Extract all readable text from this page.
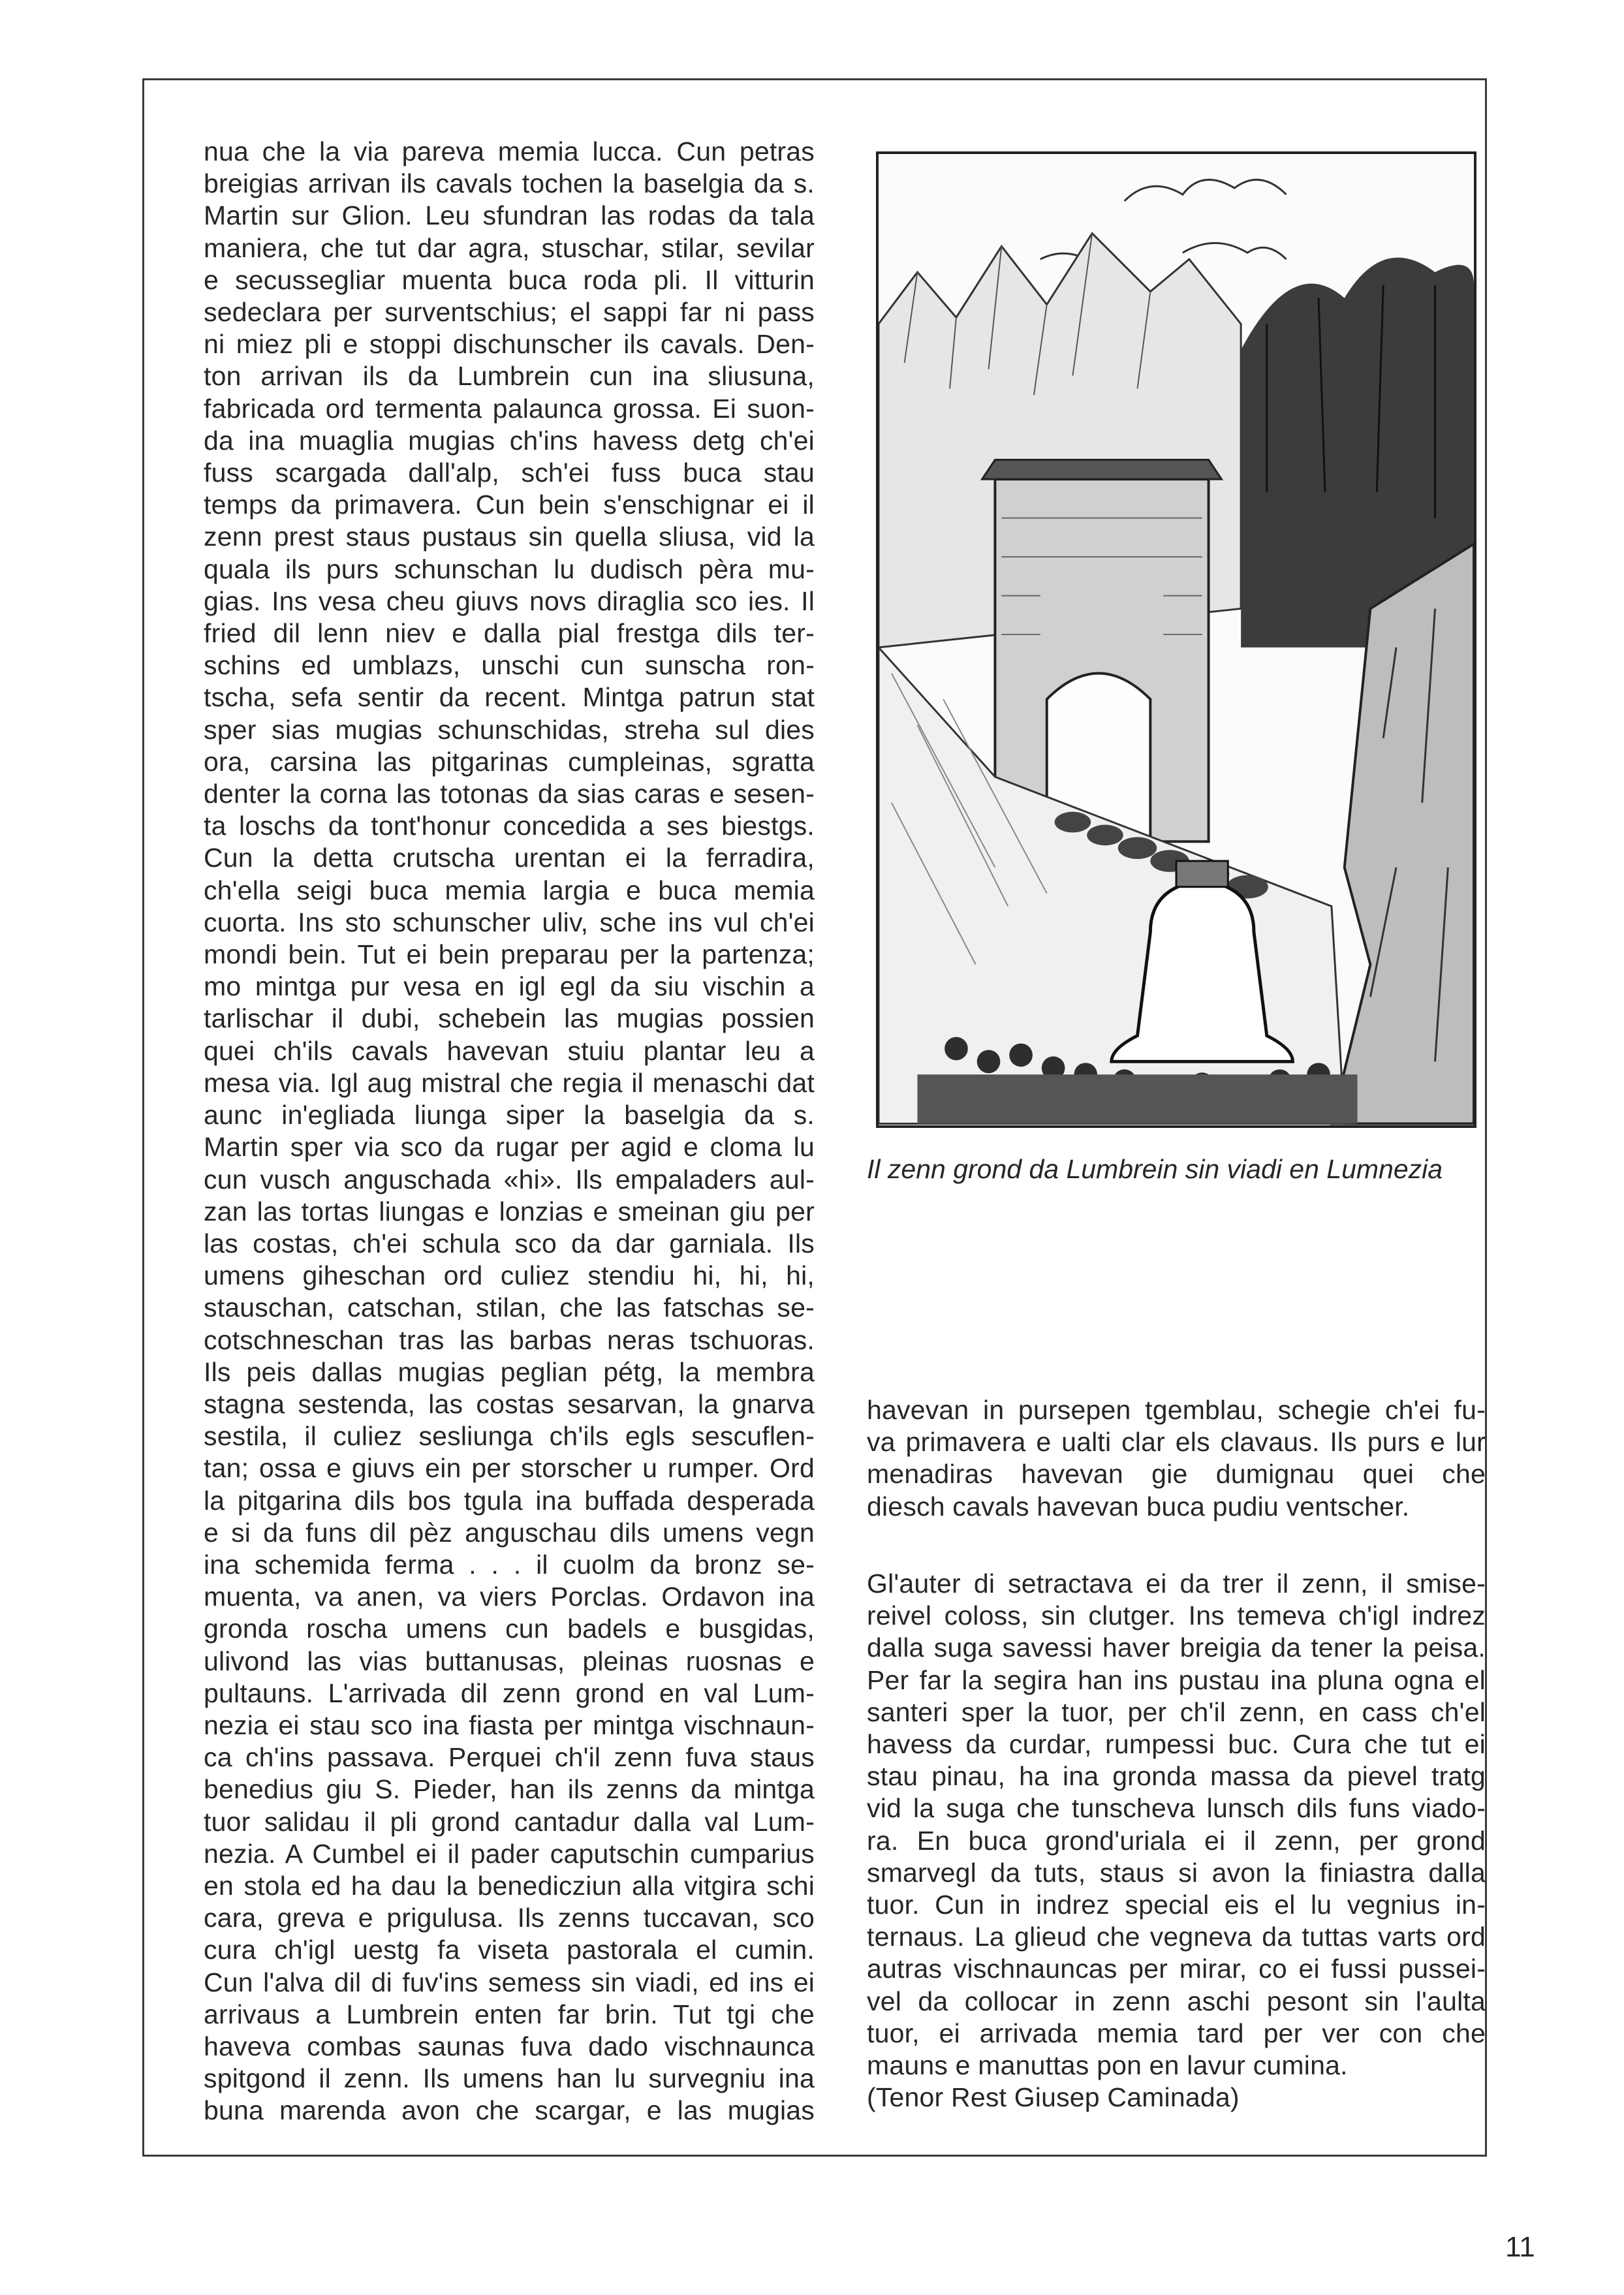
nua che la via pareva memia lucca. Cun petras
breigias arrivan ils cavals tochen la baselgia da s.
Martin sur Glion. Leu sfundran las rodas da tala
maniera, che tut dar agra, stuschar, stilar, sevilar
e secussegliar muenta buca roda pli. Il vitturin
sedeclara per surventschius; el sappi far ni pass
ni miez pli e stoppi dischunscher ils cavals. Den-
ton arrivan ils da Lumbrein cun ina sliusuna,
fabricada ord termenta palaunca grossa. Ei suon-
da ina muaglia mugias ch'ins havess detg ch'ei
fuss scargada dall'alp, sch'ei fuss buca stau
temps da primavera. Cun bein s'enschignar ei il
zenn prest staus pustaus sin quella sliusa, vid la
quala ils purs schunschan lu dudisch pèra mu-
gias. Ins vesa cheu giuvs novs diraglia sco ies. Il
fried dil lenn niev e dalla pial frestga dils ter-
schins ed umblazs, unschi cun sunscha ron-
tscha, sefa sentir da recent. Mintga patrun stat
sper sias mugias schunschidas, streha sul dies
ora, carsina las pitgarinas cumpleinas, sgratta
denter la corna las totonas da sias caras e sesen-
ta loschs da tont'honur concedida a ses biestgs.
Cun la detta crutscha urentan ei la ferradira,
ch'ella seigi buca memia largia e buca memia
cuorta. Ins sto schunscher uliv, sche ins vul ch'ei
mondi bein. Tut ei bein preparau per la partenza;
mo mintga pur vesa en igl egl da siu vischin a
tarlischar il dubi, schebein las mugias possien
quei ch'ils cavals havevan stuiu plantar leu a
mesa via. Igl aug mistral che regia il menaschi dat
aunc in'egliada liunga siper la baselgia da s.
Martin sper via sco da rugar per agid e cloma lu
cun vusch anguschada «hi». Ils empaladers aul-
zan las tortas liungas e lonzias e smeinan giu per
las costas, ch'ei schula sco da dar garniala. Ils
umens giheschan ord culiez stendiu hi, hi, hi,
stauschan, catschan, stilan, che las fatschas se-
cotschneschan tras las barbas neras tschuoras.
Ils peis dallas mugias peglian pétg, la membra
stagna sestenda, las costas sesarvan, la gnarva
sestila, il culiez sesliunga ch'ils egls sescuflen-
tan; ossa e giuvs ein per storscher u rumper. Ord
la pitgarina dils bos tgula ina buffada desperada
e si da funs dil pèz anguschau dils umens vegn
ina schemida ferma . . . il cuolm da bronz se-
muenta, va anen, va viers Porclas. Ordavon ina
gronda roscha umens cun badels e busgidas,
ulivond las vias buttanusas, pleinas ruosnas e
pultauns. L'arrivada dil zenn grond en val Lum-
nezia ei stau sco ina fiasta per mintga vischnaun-
ca ch'ins passava. Perquei ch'il zenn fuva staus
benedius giu S. Pieder, han ils zenns da mintga
tuor salidau il pli grond cantadur dalla val Lum-
nezia. A Cumbel ei il pader caputschin cumparius
en stola ed ha dau la benedicziun alla vitgira schi
cara, greva e prigulusa. Ils zenns tuccavan, sco
cura ch'igl uestg fa viseta pastorala el cumin.
Cun l'alva dil di fuv'ins semess sin viadi, ed ins ei
arrivaus a Lumbrein enten far brin. Tut tgi che
haveva combas saunas fuva dado vischnaunca
spitgond il zenn. Ils umens han lu survegniu ina
buna marenda avon che scargar, e las mugias
Il zenn grond da Lumbrein sin viadi en Lumnezia
havevan in pursepen tgemblau, schegie ch'ei fu-
va primavera e ualti clar els clavaus. Ils purs e lur
menadiras havevan gie dumignau quei che
diesch cavals havevan buca pudiu ventscher.
Gl'auter di setractava ei da trer il zenn, il smise-
reivel coloss, sin clutger. Ins temeva ch'igl indrez
dalla suga savessi haver breigia da tener la peisa.
Per far la segira han ins pustau ina pluna ogna el
santeri sper la tuor, per ch'il zenn, en cass ch'el
havess da curdar, rumpessi buc. Cura che tut ei
stau pinau, ha ina gronda massa da pievel tratg
vid la suga che tunscheva lunsch dils funs viado-
ra. En buca grond'uriala ei il zenn, per grond
smarvegl da tuts, staus si avon la finiastra dalla
tuor. Cun in indrez special eis el lu vegnius in-
ternaus. La glieud che vegneva da tuttas varts ord
autras vischnauncas per mirar, co ei fussi pussei-
vel da collocar in zenn aschi pesont sin l'aulta
tuor, ei arrivada memia tard per ver con che
mauns e manuttas pon en lavur cumina.
(Tenor Rest Giusep Caminada)
11
